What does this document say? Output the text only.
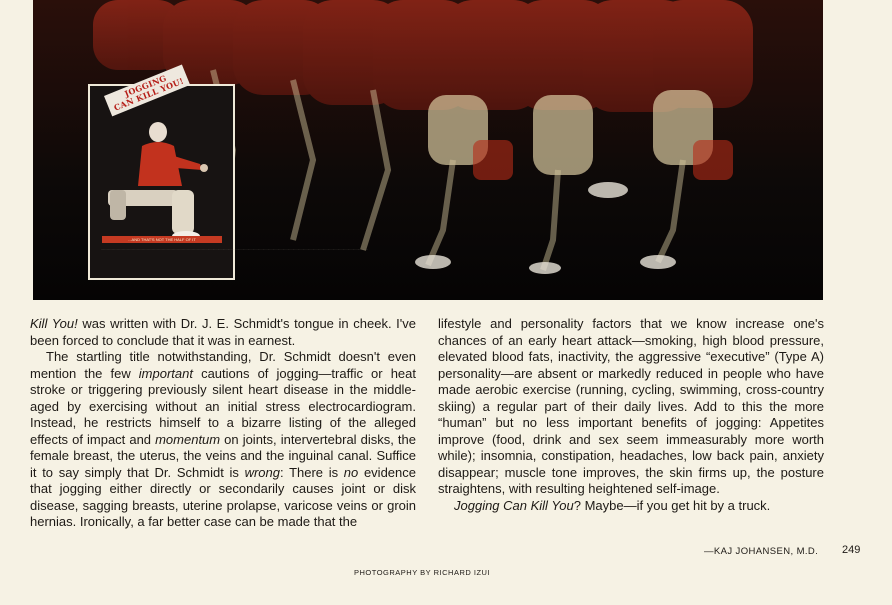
JOGGING
CAN KILL YOU!
...AND THAT'S NOT THE HALF OF IT
................................................................................................................................................................................................................................................................................................................................

Kill You! was written with Dr. J. E. Schmidt's tongue in cheek. I've been forced to conclude that it was in earnest.

The startling title notwithstanding, Dr. Schmidt doesn't even mention the few important cautions of jogging—traffic or heat stroke or triggering previously silent heart disease in the middle-aged by exercising without an initial stress electrocardiogram. Instead, he restricts himself to a bizarre listing of the alleged effects of impact and momentum on joints, intervertebral disks, the female breast, the uterus, the veins and the inguinal canal. Suffice it to say simply that Dr. Schmidt is wrong: There is no evidence that jogging either directly or secondarily causes joint or disk disease, sagging breasts, uterine prolapse, varicose veins or groin hernias. Ironically, a far better case can be made that the

lifestyle and personality factors that we know increase one's chances of an early heart attack—smoking, high blood pressure, elevated blood fats, inactivity, the aggressive “executive” (Type A) personality—are absent or markedly reduced in people who have made aerobic exercise (running, cycling, swimming, cross-country skiing) a regular part of their daily lives. Add to this the more “human” but no less important benefits of jogging: Appetites improve (food, drink and sex seem immeasurably more worth while); insomnia, constipation, headaches, low back pain, anxiety disappear; muscle tone improves, the skin firms up, the posture straightens, with resulting heightened self-image.

Jogging Can Kill You? Maybe—if you get hit by a truck.

—KAJ JOHANSEN, M.D. 249
PHOTOGRAPHY BY RICHARD IZUI
